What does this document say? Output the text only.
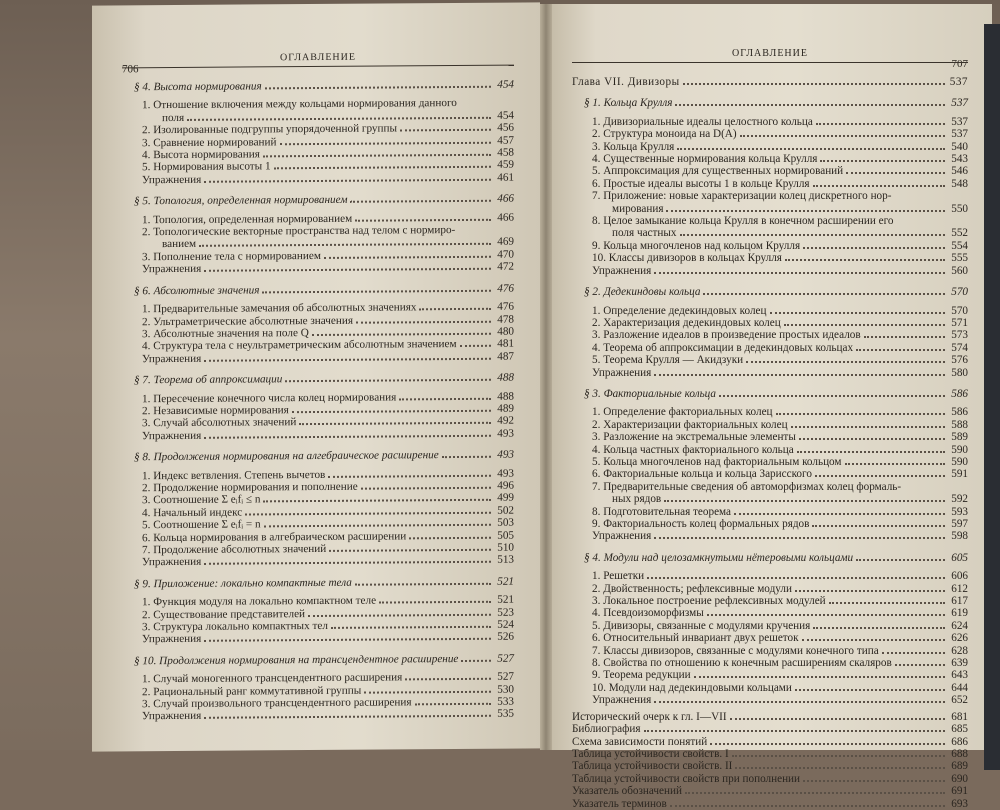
ОГЛАВЛЕНИЕ
706
§ 4. Высота нормирования	454
1. Отношение включения между кольцами нормирования данного
поля	454
2. Изолированные подгруппы упорядоченной группы	456
3. Сравнение нормирований	457
4. Высота нормирования	458
5. Нормирования высоты 1	459
Упражнения	461
§ 5. Топология, определенная нормированием	466
1. Топология, определенная нормированием	466
2. Топологические векторные пространства над телом с нормиро-
ванием	469
3. Пополнение тела с нормированием	470
Упражнения	472
§ 6. Абсолютные значения	476
1. Предварительные замечания об абсолютных значениях	476
2. Ультраметрические абсолютные значения	478
3. Абсолютные значения на поле Q	480
4. Структура тела с неультраметрическим абсолютным значением	481
Упражнения	487
§ 7. Теорема об аппроксимации	488
1. Пересечение конечного числа колец нормирования	488
2. Независимые нормирования	489
3. Случай абсолютных значений	492
Упражнения	493
§ 8. Продолжения нормирования на алгебраическое расширение	493
1. Индекс ветвления. Степень вычетов	493
2. Продолжение нормирования и пополнение	496
3. Соотношение Σ eᵢfᵢ ≤ n	499
4. Начальный индекс	502
5. Соотношение Σ eᵢfᵢ = n	503
6. Кольца нормирования в алгебраическом расширении	505
7. Продолжение абсолютных значений	510
Упражнения	513
§ 9. Приложение: локально компактные тела	521
1. Функция модуля на локально компактном теле	521
2. Существование представителей	523
3. Структура локально компактных тел	524
Упражнения	526
§ 10. Продолжения нормирования на трансцендентное расширение	527
1. Случай моногенного трансцендентного расширения	527
2. Рациональный ранг коммутативной группы	530
3. Случай произвольного трансцендентного расширения	533
Упражнения	535
ОГЛАВЛЕНИЕ
707
Глава VII. Дивизоры	537
§ 1. Кольца Крулля	537
1. Дивизориальные идеалы целостного кольца	537
2. Структура моноида на D(A)	537
3. Кольца Крулля	540
4. Существенные нормирования кольца Крулля	543
5. Аппроксимация для существенных нормирований	546
6. Простые идеалы высоты 1 в кольце Крулля	548
7. Приложение: новые характеризации колец дискретного нор-
мирования	550
8. Целое замыкание кольца Крулля в конечном расширении его
поля частных	552
9. Кольца многочленов над кольцом Крулля	554
10. Классы дивизоров в кольцах Крулля	555
Упражнения	560
§ 2. Дедекиндовы кольца	570
1. Определение дедекиндовых колец	570
2. Характеризация дедекиндовых колец	571
3. Разложение идеалов в произведение простых идеалов	573
4. Теорема об аппроксимации в дедекиндовых кольцах	574
5. Теорема Крулля — Акидзуки	576
Упражнения	580
§ 3. Факториальные кольца	586
1. Определение факториальных колец	586
2. Характеризации факториальных колец	588
3. Разложение на экстремальные элементы	589
4. Кольца частных факториального кольца	590
5. Кольца многочленов над факториальным кольцом	590
6. Факториальные кольца и кольца Зарисского	591
7. Предварительные сведения об автоморфизмах колец формаль-
ных рядов	592
8. Подготовительная теорема	593
9. Факториальность колец формальных рядов	597
Упражнения	598
§ 4. Модули над целозамкнутыми нётеровыми кольцами	605
1. Решетки	606
2. Двойственность; рефлексивные модули	612
3. Локальное построение рефлексивных модулей	617
4. Псевдоизоморфизмы	619
5. Дивизоры, связанные с модулями кручения	624
6. Относительный инвариант двух решеток	626
7. Классы дивизоров, связанные с модулями конечного типа	628
8. Свойства по отношению к конечным расширениям скаляров	639
9. Теорема редукции	643
10. Модули над дедекиндовыми кольцами	644
Упражнения	652
Исторический очерк к гл. I—VII	681
Библиография	685
Схема зависимости понятий	686
Таблица устойчивости свойств. I	688
Таблица устойчивости свойств. II	689
Таблица устойчивости свойств при пополнении	690
Указатель обозначений	691
Указатель терминов	693
